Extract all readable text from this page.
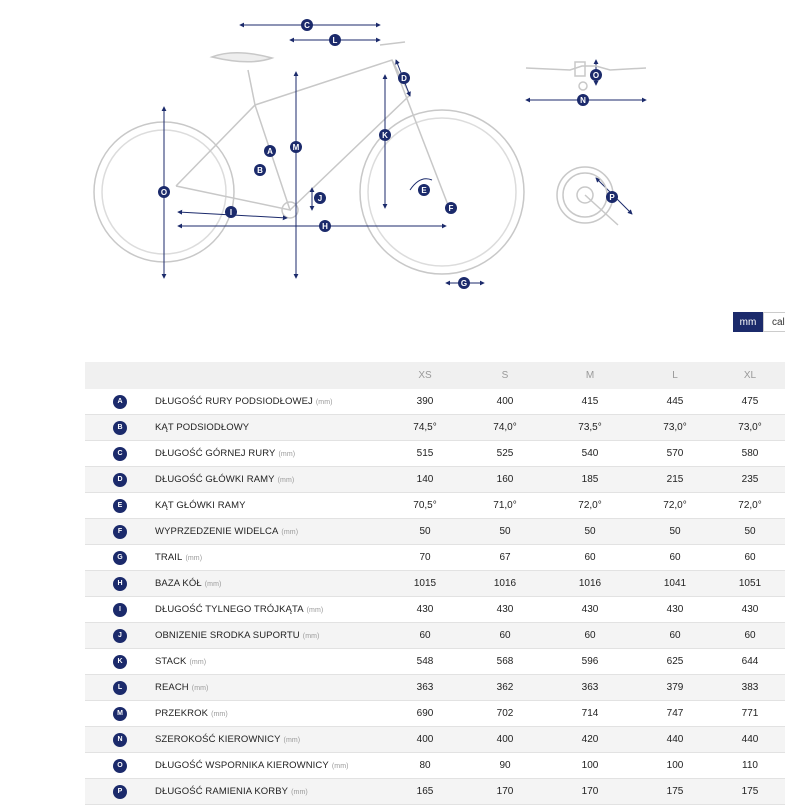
C
L
D
K
M
A
B
O
J
E
F
I
H
G
O
N
P
mm	cal
		XS	S	M	L	XL
A	DŁUGOŚĆ RURY PODSIODŁOWEJ (mm)	390	400	415	445	475
B	KĄT PODSIODŁOWY	74,5°	74,0°	73,5°	73,0°	73,0°
C	DŁUGOŚĆ GÓRNEJ RURY (mm)	515	525	540	570	580
D	DŁUGOŚĆ GŁÓWKI RAMY (mm)	140	160	185	215	235
E	KĄT GŁÓWKI RAMY	70,5°	71,0°	72,0°	72,0°	72,0°
F	WYPRZEDZENIE WIDELCA (mm)	50	50	50	50	50
G	TRAIL (mm)	70	67	60	60	60
H	BAZA KÓŁ (mm)	1015	1016	1016	1041	1051
I	DŁUGOŚĆ TYLNEGO TRÓJKĄTA (mm)	430	430	430	430	430
J	OBNIZENIE SRODKA SUPORTU (mm)	60	60	60	60	60
K	STACK (mm)	548	568	596	625	644
L	REACH (mm)	363	362	363	379	383
M	PRZEKROK (mm)	690	702	714	747	771
N	SZEROKOŚĆ KIEROWNICY (mm)	400	400	420	440	440
O	DŁUGOŚĆ WSPORNIKA KIEROWNICY (mm)	80	90	100	100	110
P	DŁUGOŚĆ RAMIENIA KORBY (mm)	165	170	170	175	175
